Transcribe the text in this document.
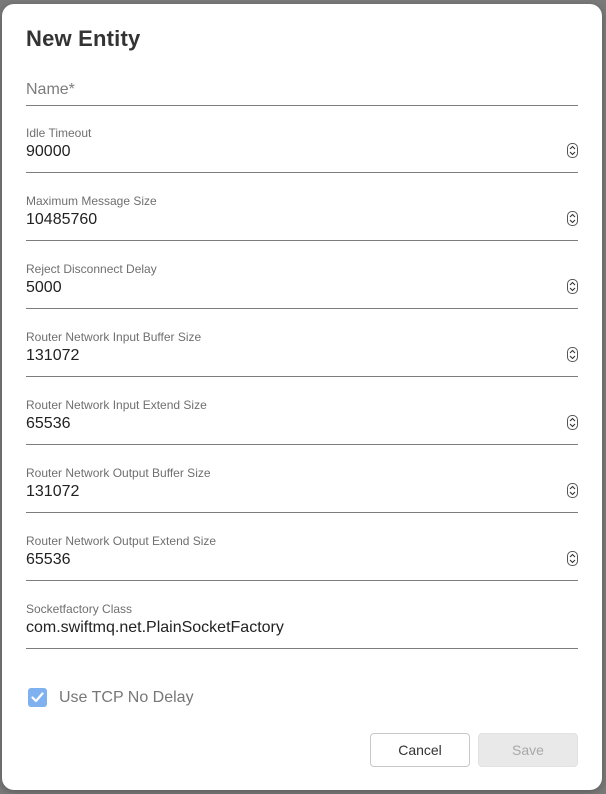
New Entity
Name*
Idle Timeout
90000
Maximum Message Size
10485760
Reject Disconnect Delay
5000
Router Network Input Buffer Size
131072
Router Network Input Extend Size
65536
Router Network Output Buffer Size
131072
Router Network Output Extend Size
65536
Socketfactory Class
com.swiftmq.net.PlainSocketFactory
Use TCP No Delay
Cancel	Save
